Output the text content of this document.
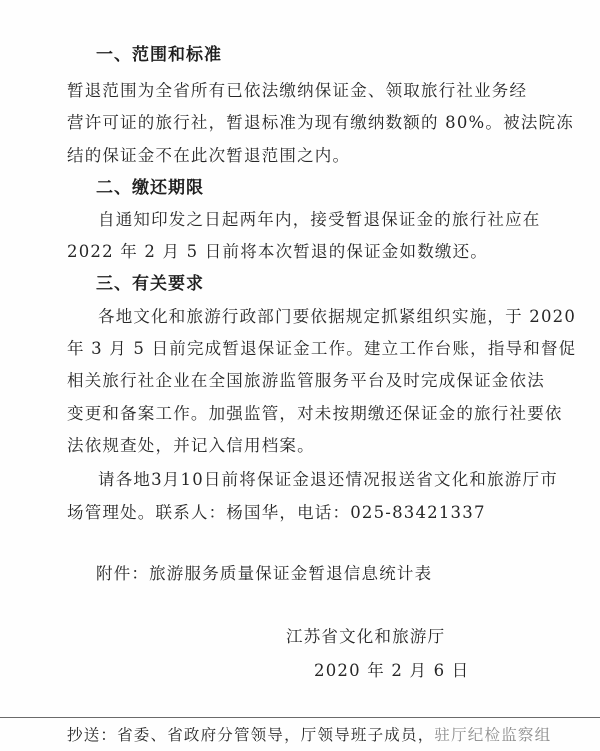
一、范围和标准
暂退范围为全省所有已依法缴纳保证金、领取旅行社业务经
营许可证的旅行社，暂退标准为现有缴纳数额的 80%。被法院冻
结的保证金不在此次暂退范围之内。
二、缴还期限
自通知印发之日起两年内，接受暂退保证金的旅行社应在
2022 年 2 月 5 日前将本次暂退的保证金如数缴还。
三、有关要求
各地文化和旅游行政部门要依据规定抓紧组织实施，于 2020
年 3 月 5 日前完成暂退保证金工作。建立工作台账，指导和督促
相关旅行社企业在全国旅游监管服务平台及时完成保证金依法
变更和备案工作。加强监管，对未按期缴还保证金的旅行社要依
法依规查处，并记入信用档案。
请各地3月10日前将保证金退还情况报送省文化和旅游厅市
场管理处。联系人：杨国华，电话：025-83421337
附件：旅游服务质量保证金暂退信息统计表
江苏省文化和旅游厅
2020 年 2 月 6 日
抄送：省委、省政府分管领导，厅领导班子成员，驻厅纪检监察组
